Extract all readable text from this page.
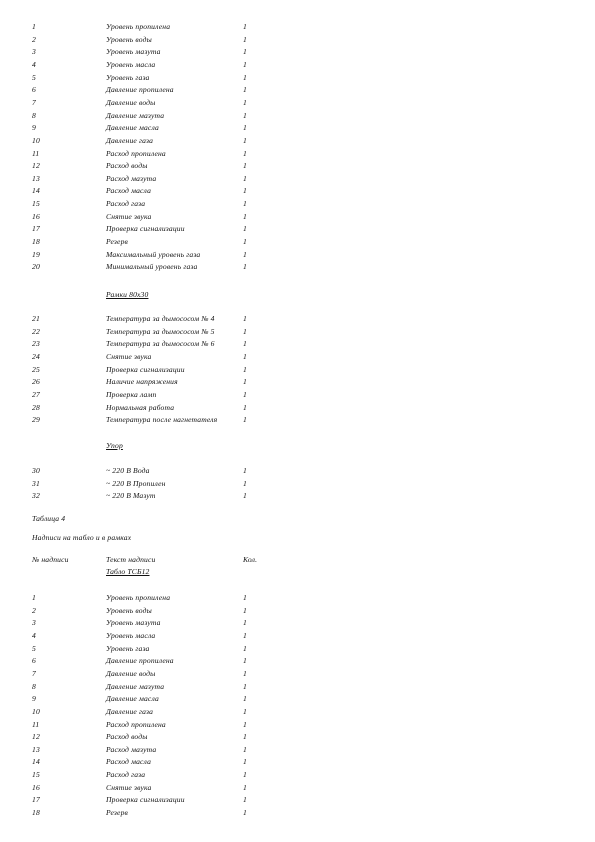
1	Уровень пропилена	1
2	Уровень воды	1
3	Уровень мазута	1
4	Уровень масла	1
5	Уровень газа	1
6	Давление пропилена	1
7	Давление воды	1
8	Давление мазута	1
9	Давление масла	1
10	Давление газа	1
11	Расход пропилена	1
12	Расход воды	1
13	Расход мазута	1
14	Расход масла	1
15	Расход газа	1
16	Снятие звука	1
17	Проверка сигнализации	1
18	Резерв	1
19	Максимальный уровень газа	1
20	Минимальный уровень газа	1
Рамки 80х30
21	Температура за дымососом № 4	1
22	Температура за дымососом № 5	1
23	Температура за дымососом № 6	1
24	Снятие звука	1
25	Проверка сигнализации	1
26	Наличие напряжения	1
27	Проверка ламп	1
28	Нормальная работа	1
29	Температура после нагнетателя	1
Упор
30	~ 220 В Вода	1
31	~ 220 В Пропилен	1
32	~ 220 В Мазут	1
Таблица 4
Надписи на табло и в рамках
№ надписи	Текст надписи	Кол.
Табло ТСБ12
1	Уровень пропилена	1
2	Уровень воды	1
3	Уровень мазута	1
4	Уровень масла	1
5	Уровень газа	1
6	Давление пропилена	1
7	Давление воды	1
8	Давление мазута	1
9	Давление масла	1
10	Давление газа	1
11	Расход пропилена	1
12	Расход воды	1
13	Расход мазута	1
14	Расход масла	1
15	Расход газа	1
16	Снятие звука	1
17	Проверка сигнализации	1
18	Резерв	1
